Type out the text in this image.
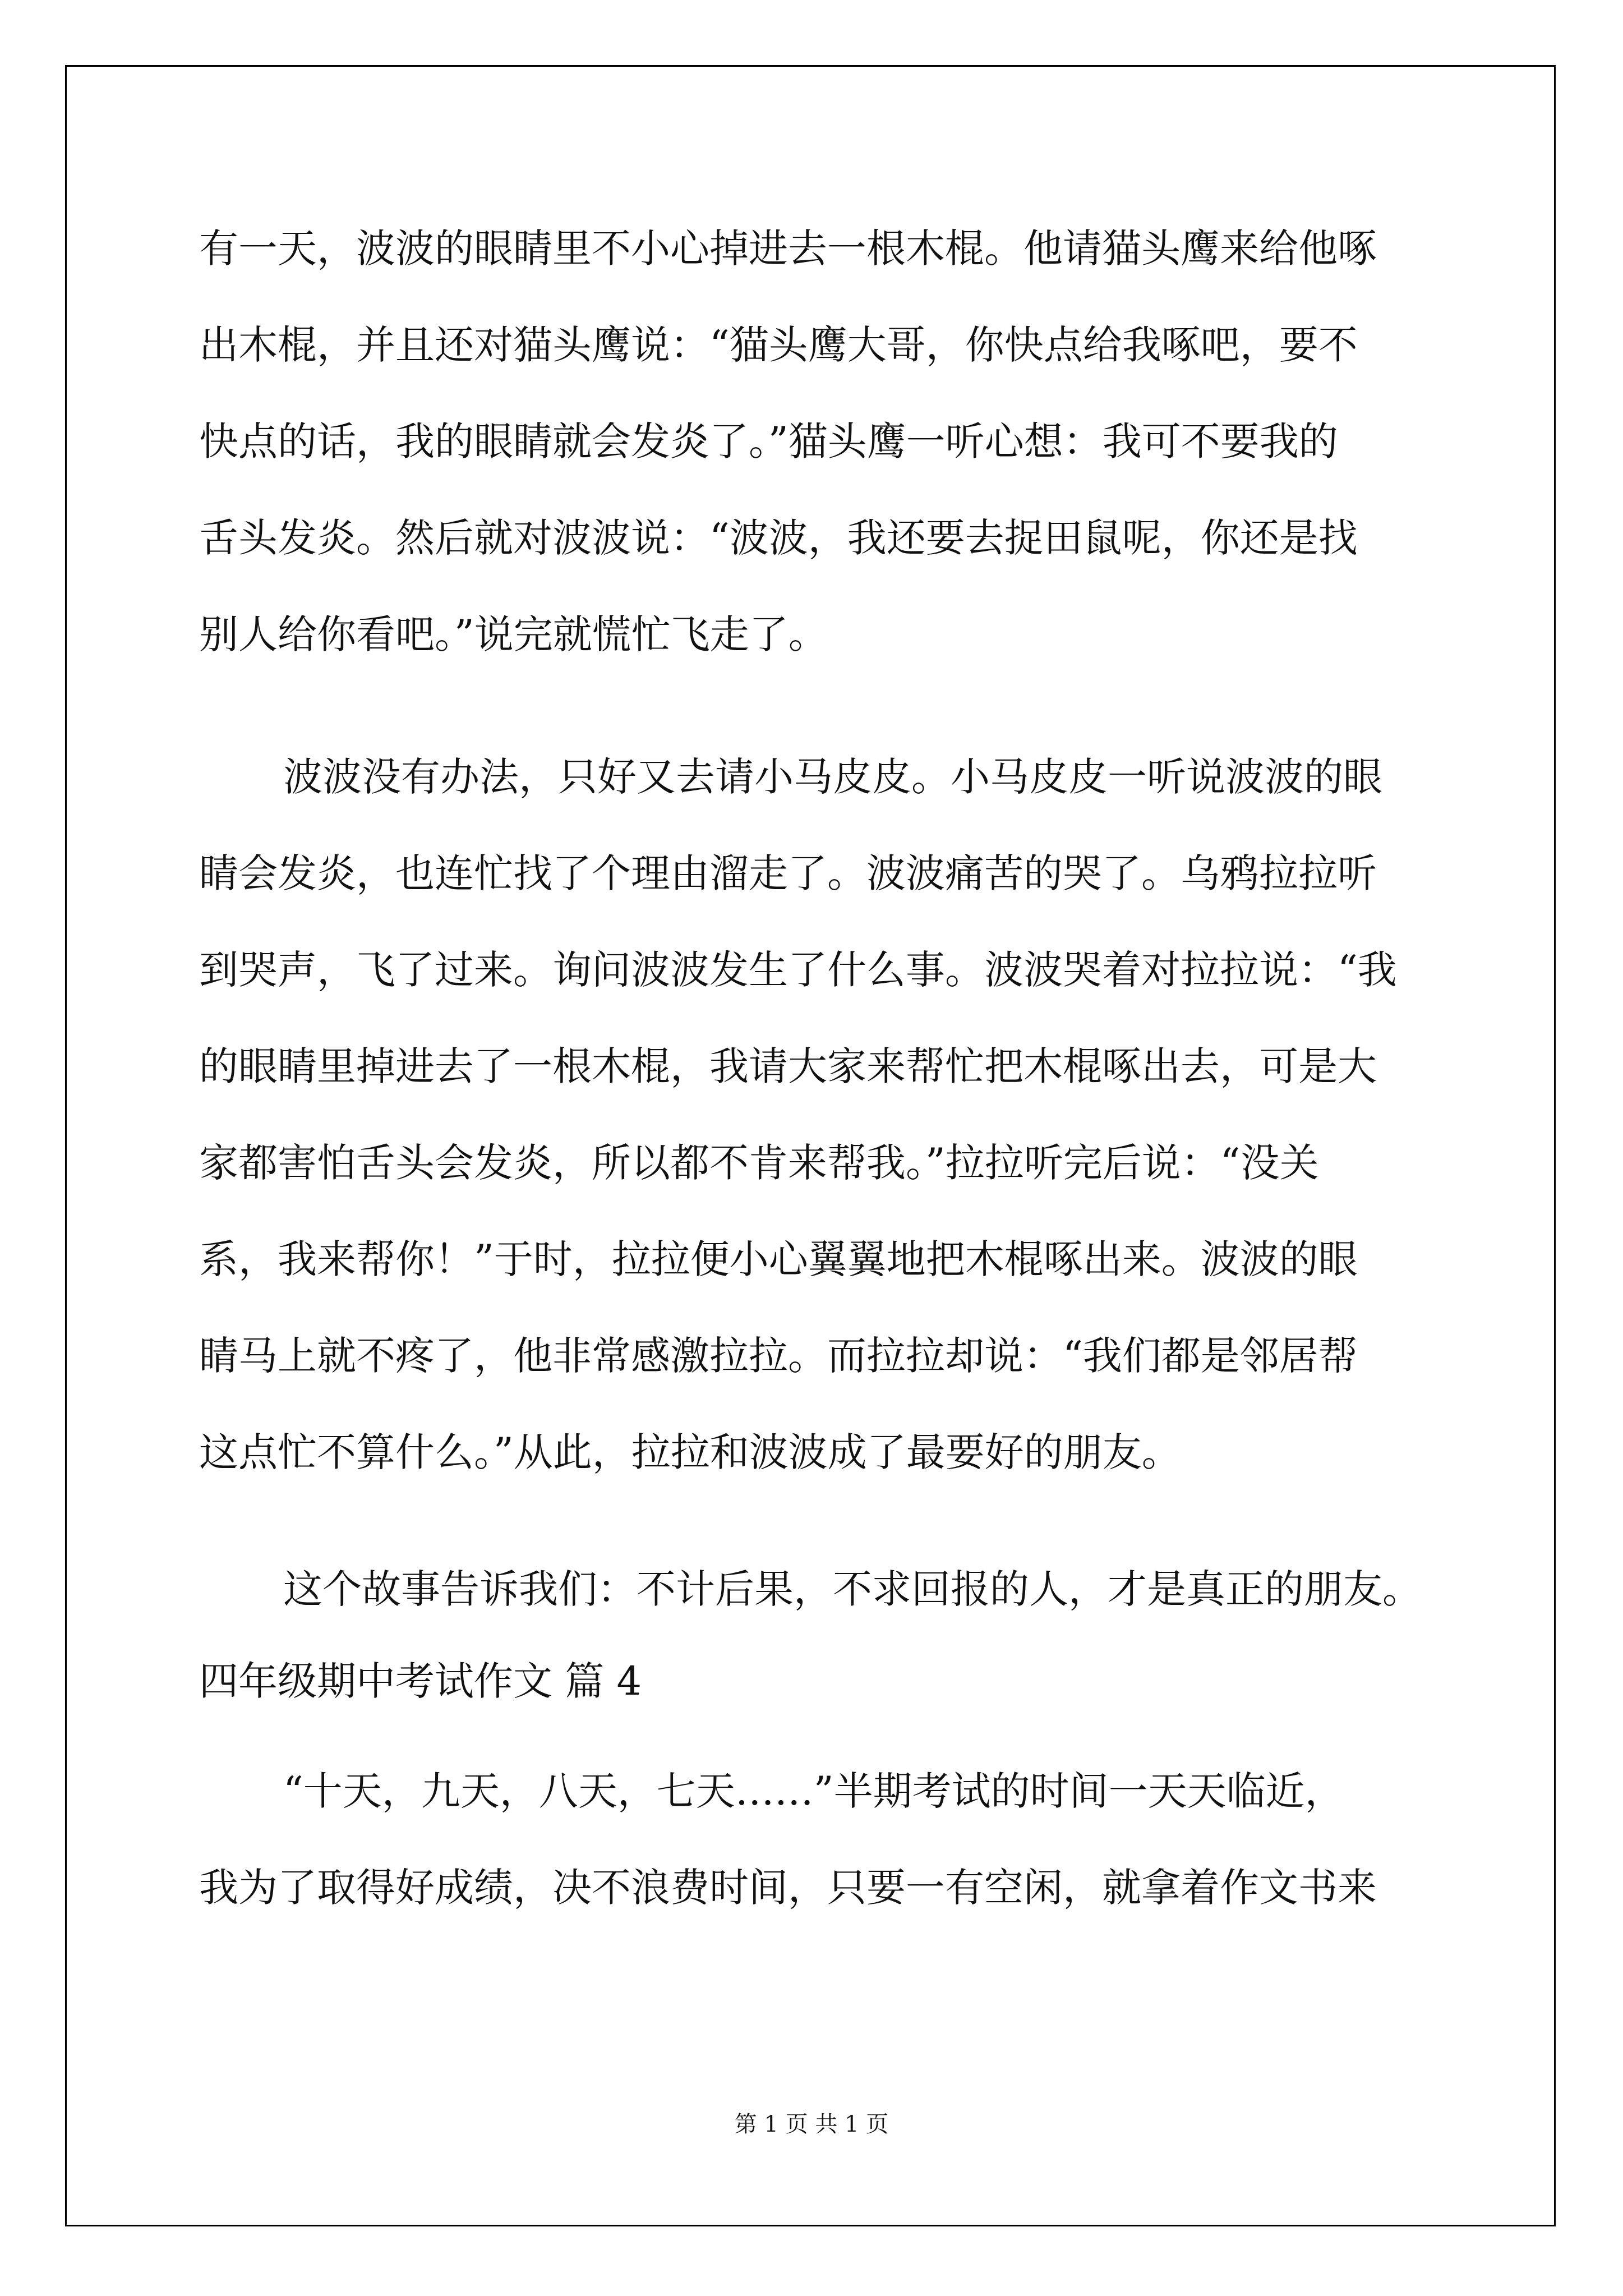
有一天，波波的眼睛里不小心掉进去一根木棍。他请猫头鹰来给他啄
出木棍，并且还对猫头鹰说：“猫头鹰大哥，你快点给我啄吧，要不
快点的话，我的眼睛就会发炎了。”猫头鹰一听心想：我可不要我的
舌头发炎。然后就对波波说：“波波，我还要去捉田鼠呢，你还是找
别人给你看吧。”说完就慌忙飞走了。
波波没有办法，只好又去请小马皮皮。小马皮皮一听说波波的眼
睛会发炎，也连忙找了个理由溜走了。波波痛苦的哭了。乌鸦拉拉听
到哭声，飞了过来。询问波波发生了什么事。波波哭着对拉拉说：“我
的眼睛里掉进去了一根木棍，我请大家来帮忙把木棍啄出去，可是大
家都害怕舌头会发炎，所以都不肯来帮我。”拉拉听完后说：“没关
系，我来帮你！”于时，拉拉便小心翼翼地把木棍啄出来。波波的眼
睛马上就不疼了，他非常感激拉拉。而拉拉却说：“我们都是邻居帮
这点忙不算什么。”从此，拉拉和波波成了最要好的朋友。
这个故事告诉我们：不计后果，不求回报的人，才是真正的朋友。
四年级期中考试作文 篇 4
“十天，九天，八天，七天……”半期考试的时间一天天临近，
我为了取得好成绩，决不浪费时间，只要一有空闲，就拿着作文书来
第 1 页 共 1 页
